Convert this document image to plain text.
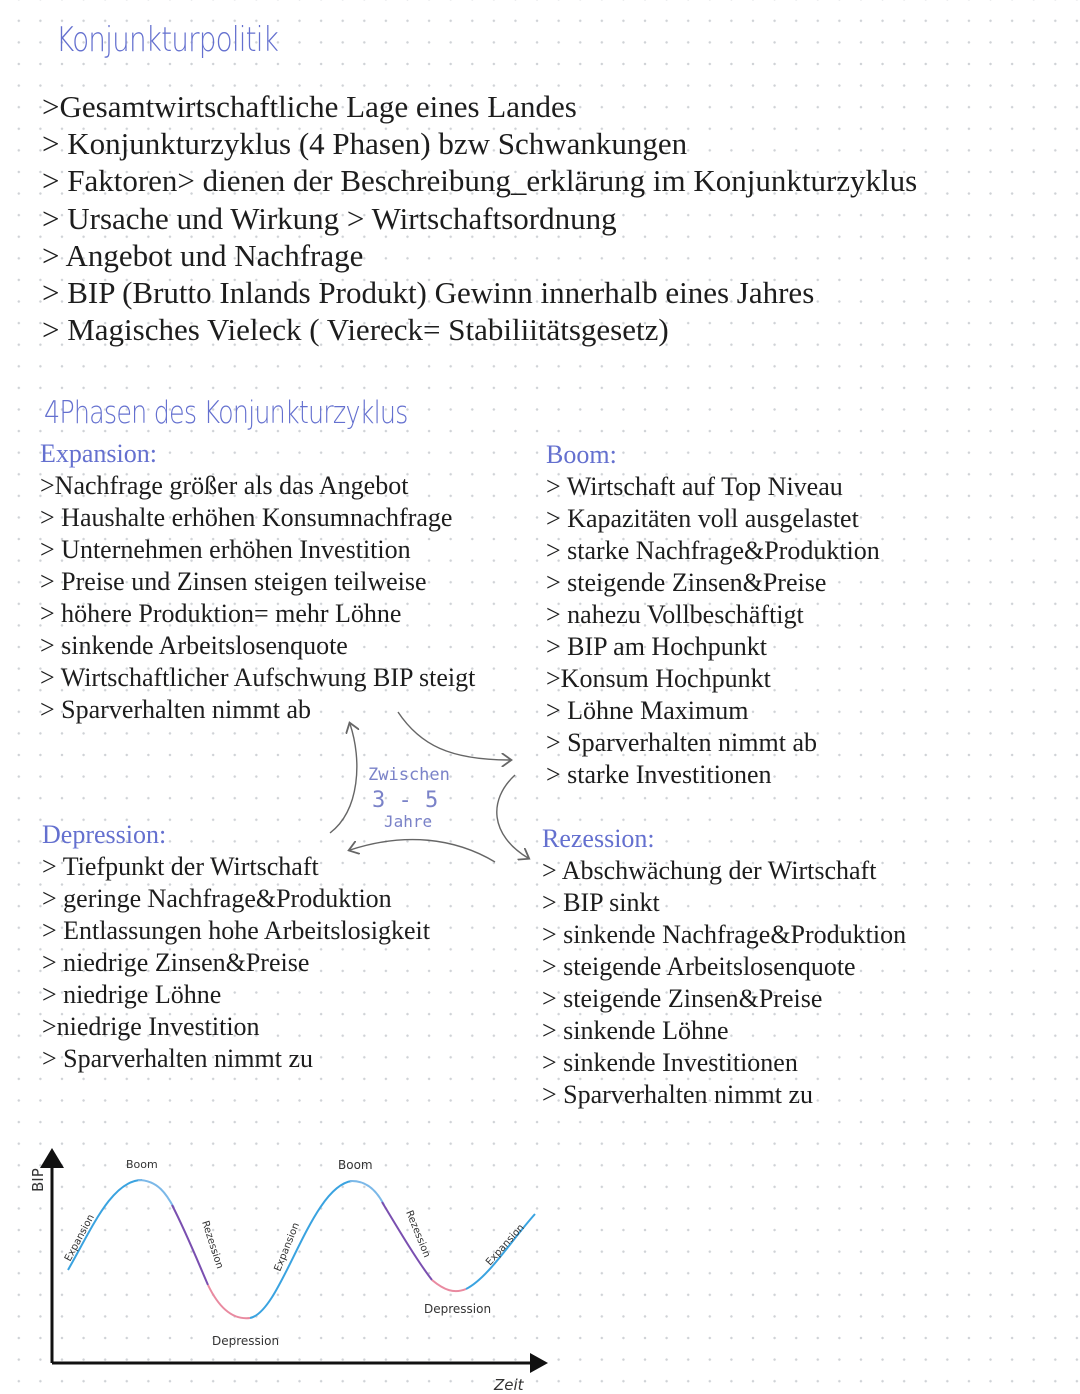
Konjunkturpolitik
>Gesamtwirtschaftliche Lage eines Landes
> Konjunkturzyklus (4 Phasen) bzw Schwankungen
> Faktoren> dienen der Beschreibung_erklärung im Konjunkturzyklus
> Ursache und Wirkung > Wirtschaftsordnung
> Angebot und Nachfrage
> BIP (Brutto Inlands Produkt) Gewinn innerhalb eines Jahres
> Magisches Vieleck ( Viereck= Stabiliitätsgesetz)
4Phasen des Konjunkturzyklus
Expansion:
>Nachfrage größer als das Angebot
> Haushalte erhöhen Konsumnachfrage
> Unternehmen erhöhen Investition
> Preise und Zinsen steigen teilweise
> höhere Produktion= mehr Löhne
> sinkende Arbeitslosenquote
> Wirtschaftlicher Aufschwung BIP steigt
> Sparverhalten nimmt ab
Boom:
> Wirtschaft auf Top Niveau
> Kapazitäten voll ausgelastet
> starke Nachfrage&Produktion
> steigende Zinsen&Preise
> nahezu Vollbeschäftigt
> BIP am Hochpunkt
>Konsum Hochpunkt
> Löhne Maximum
> Sparverhalten nimmt ab
> starke Investitionen
Depression:
> Tiefpunkt der Wirtschaft
> geringe Nachfrage&Produktion
> Entlassungen hohe Arbeitslosigkeit
> niedrige Zinsen&Preise
> niedrige Löhne
>niedrige Investition
> Sparverhalten nimmt zu
Rezession:
> Abschwächung der Wirtschaft
> BIP sinkt
> sinkende Nachfrage&Produktion
> steigende Arbeitslosenquote
> steigende Zinsen&Preise
> sinkende Löhne
> sinkende Investitionen
> Sparverhalten nimmt zu
Zwischen
3 - 5
Jahre
BIP
Zeit
Expansion
Boom
Rezession
Depression
Expansion
Boom
Rezession
Depression
Expansion
